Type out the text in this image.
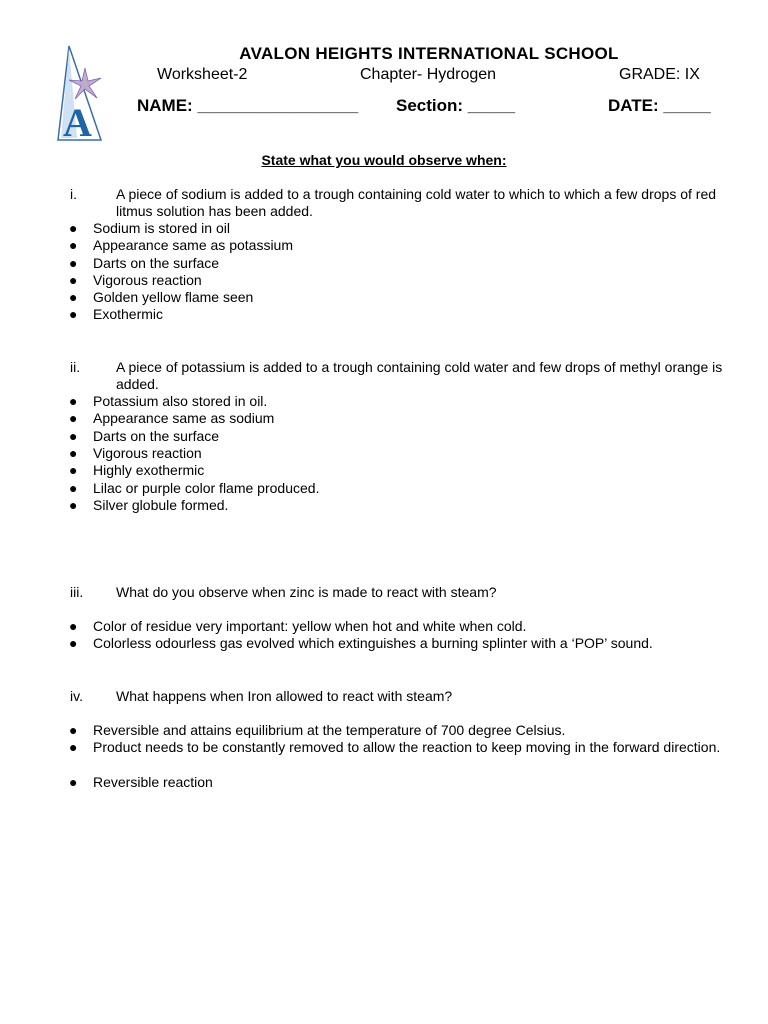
A
AVALON HEIGHTS INTERNATIONAL SCHOOL
Worksheet-2	Chapter- Hydrogen	GRADE: IX
NAME: _________________ Section: _____	DATE: _____
State what you would observe when:
i.	A piece of sodium is added to a trough containing cold water to which to which a few drops of red litmus solution has been added.
●	Sodium is stored in oil
●	Appearance same as potassium
●	Darts on the surface
●	Vigorous reaction
●	Golden yellow flame seen
●	Exothermic
ii.	A piece of potassium is added to a trough containing cold water and few drops of methyl orange is added.
●	Potassium also stored in oil.
●	Appearance same as sodium
●	Darts on the surface
●	Vigorous reaction
●	Highly exothermic
●	Lilac or purple color flame produced.
●	Silver globule formed.
iii. What do you observe when zinc is made to react with steam?
●	Color of residue very important: yellow when hot and white when cold.
●	Colorless odourless gas evolved which extinguishes a burning splinter with a ‘POP’ sound.
iv. What happens when Iron allowed to react with steam?
●	Reversible and attains equilibrium at the temperature of 700 degree Celsius.
●	Product needs to be constantly removed to allow the reaction to keep moving in the forward direction.
●	Reversible reaction
